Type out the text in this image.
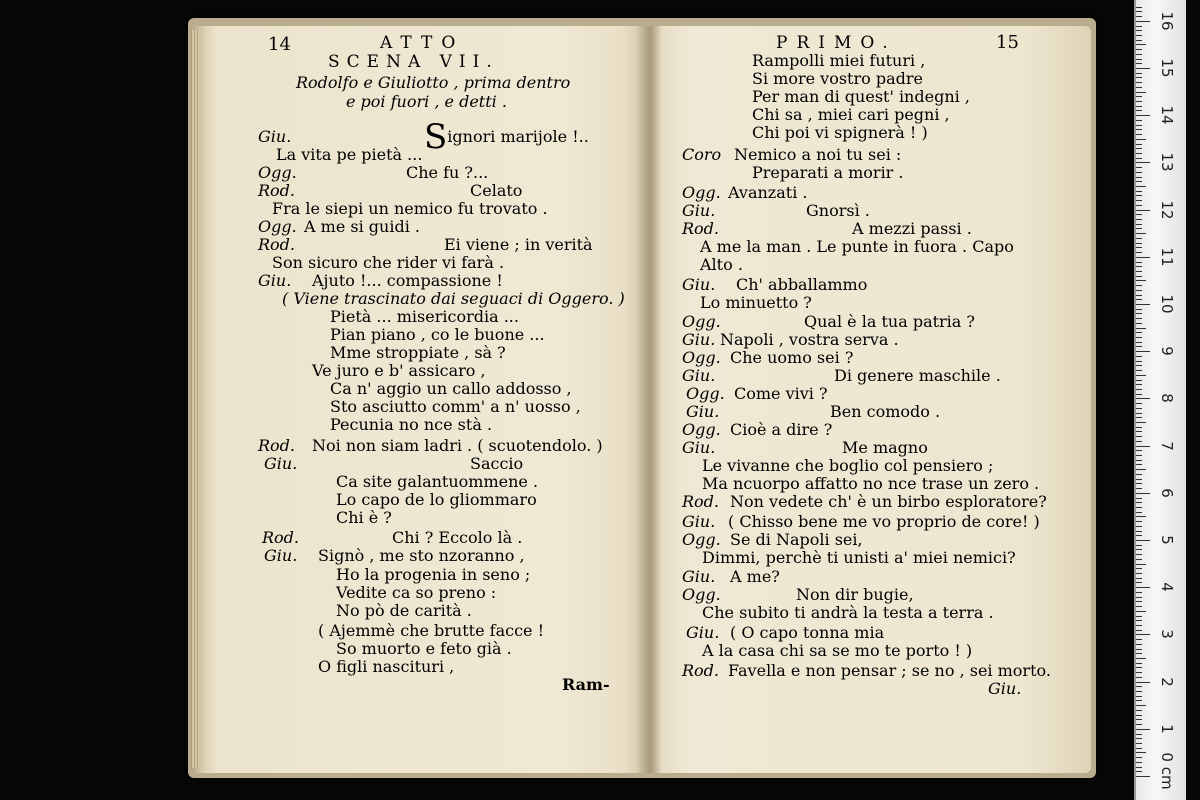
14	ATTO
SCENA VII.
Rodolfo e Giuliotto , prima dentro
e poi fuori , e detti .
Giu.	Signori marijole !..
La vita pe pietà ...
Ogg.	Che fu ?...
Rod.	Celato
Fra le siepi un nemico fu trovato .
Ogg. A me si guidi .
Rod.	Ei viene ; in verità
Son sicuro che rider vi farà .
Giu. Ajuto !... compassione !
( Viene trascinato dai seguaci di Oggero. )
Pietà ... misericordia ...
Pian piano , co le buone ...
Mme stroppiate , sà ?
Ve juro e b' assicaro ,
Ca n' aggio un callo addosso ,
Sto asciutto comm' a n' uosso ,
Pecunia no nce stà .
Rod. Noi non siam ladri . ( scuotendolo. )
Giu.	Saccio
Ca site galantuommene .
Lo capo de lo gliommaro
Chi è ?
Rod.	Chi ? Eccolo là .
Giu. Signò , me sto nzoranno ,
Ho la progenia in seno ;
Vedite ca so preno :
No pò de carità .
( Ajemmè che brutte facce !
So muorto e feto già .
O figli nascituri ,
Ram-
PRIMO.	15
Rampolli miei futuri ,
Si more vostro padre
Per man di quest' indegni ,
Chi sa , miei cari pegni ,
Chi poi vi spignerà ! )
Coro Nemico a noi tu sei :
Preparati a morir .
Ogg. Avanzati .
Giu.	Gnorsì .
Rod.	A mezzi passi .
A me la man . Le punte in fuora . Capo
Alto .
Giu. Ch' abballammo
Lo minuetto ?
Ogg.	Qual è la tua patria ?
Giu. Napoli , vostra serva .
Ogg. Che uomo sei ?
Giu.	Di genere maschile .
Ogg. Come vivi ?
Giu.	Ben comodo .
Ogg. Cioè a dire ?
Giu.	Me magno
Le vivanne che boglio col pensiero ;
Ma ncuorpo affatto no nce trase un zero .
Rod. Non vedete ch' è un birbo esploratore?
Giu. ( Chisso bene me vo proprio de core! )
Ogg. Se di Napoli sei,
Dimmi, perchè ti unisti a' miei nemici?
Giu. A me?
Ogg.	Non dir bugie,
Che subito ti andrà la testa a terra .
Giu. ( O capo tonna mia
A la casa chi sa se mo te porto ! )
Rod. Favella e non pensar ; se no , sei morto.
Giu.
1
2
3
4
5
6
7
8
9
10
11
12
13
14
15
16
0 cm
